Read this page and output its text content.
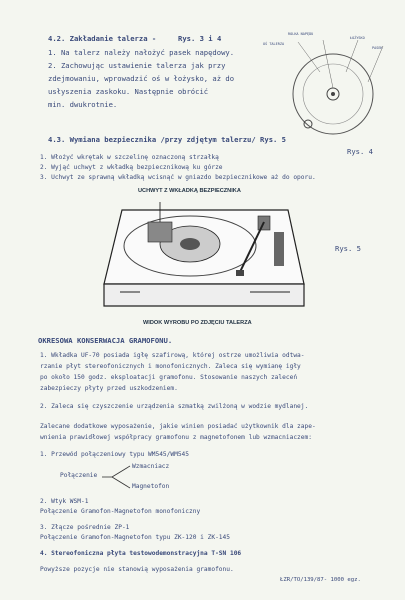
4.2. Zakładanie talerza -	Rys. 3 i 4
1. Na talerz należy nałożyć pasek napędowy.
2. Zachowując ustawienie talerza jak przy
zdejmowaniu, wprowadzić oś w łożysko, aż do
usłyszenia zaskoku. Następnie obrócić
min. dwukrotnie.
ROLKA NAPĘDU
OŚ TALERZA
ŁOŻYSKO
PASEK
Rys. 4
4.3. Wymiana bezpiecznika /przy zdjętym talerzu/ Rys. 5
1. Włożyć wkrętak w szczelinę oznaczoną strzałką
2. Wyjąć uchwyt z wkładką bezpiecznikową ku górze
3. Uchwyt ze sprawną wkładką wcisnąć w gniazdo bezpiecznikowe aż do oporu.
UCHWYT Z WKŁADKĄ BEZPIECZNIKA
Rys. 5
WIDOK WYROBU PO ZDJĘCIU TALERZA
OKRESOWA KONSERWACJA GRAMOFONU.
1. Wkładka UF-70 posiada igłę szafirową, której ostrze umożliwia odtwa-
rzanie płyt stereofonicznych i monofonicznych. Zaleca się wymianę igły
po około 150 godz. eksploatacji gramofonu. Stosowanie naszych zaleceń
zabezpieczy płyty przed uszkodzeniem.
2. Zaleca się czyszczenie urządzenia szmatką zwilżoną w wodzie mydlanej.
Zalecane dodatkowe wyposażenie, jakie winien posiadać użytkownik dla zape-
wnienia prawidłowej współpracy gramofonu z magnetofonem lub wzmacniaczem:
1. Przewód połączeniowy typu WM545/WM545
Połączenie
Wzmacniacz
Magnetofon
2. Wtyk WSM-1
Połączenie Gramofon-Magnetofon monofoniczny
3. Złącze pośrednie ZP-1
Połączenie Gramofon-Magnetofon typu ZK-120 i ZK-145
4. Stereofoniczna płyta testowodemonstracyjna T-SN 106
Powyższe pozycje nie stanowią wyposażenia gramofonu.
ŁZR/TO/139/87- 1000 egz.
